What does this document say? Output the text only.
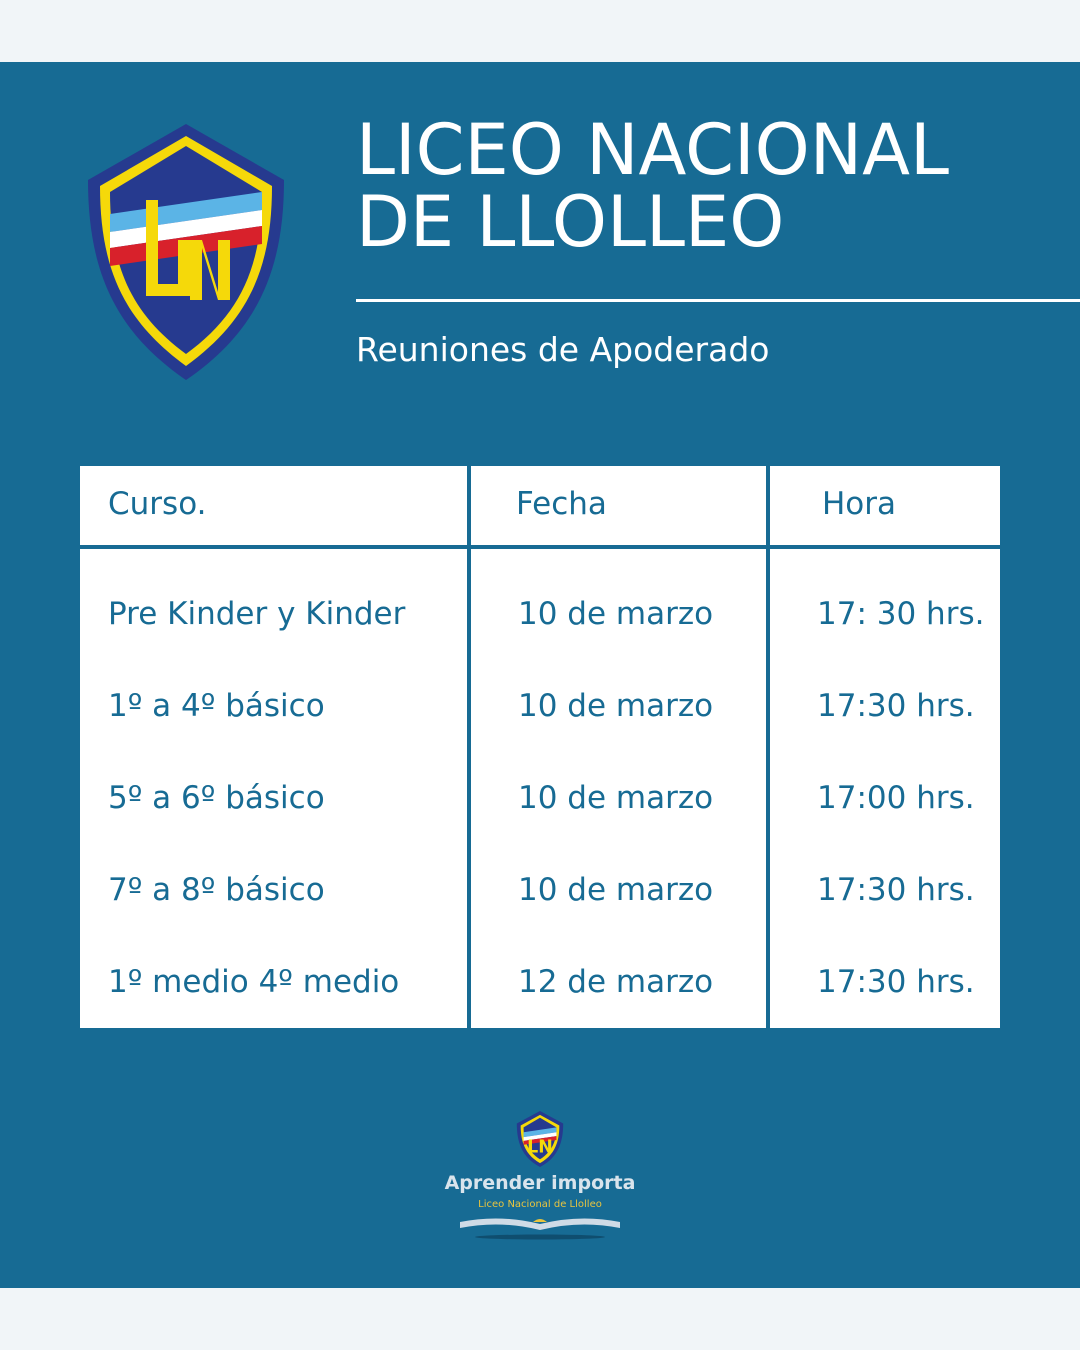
LICEO NACIONAL
DE LLOLLEO
Reuniones de Apoderado
Curso.	Fecha	Hora
Pre Kinder y Kinder	10 de marzo	17: 30 hrs.
1º a 4º básico	10 de marzo	17:30 hrs.
5º a 6º básico	10 de marzo	17:00 hrs.
7º a 8º básico	10 de marzo	17:30 hrs.
1º medio 4º medio	12 de marzo	17:30 hrs.
LN
Aprender importa
Liceo Nacional de Llolleo
